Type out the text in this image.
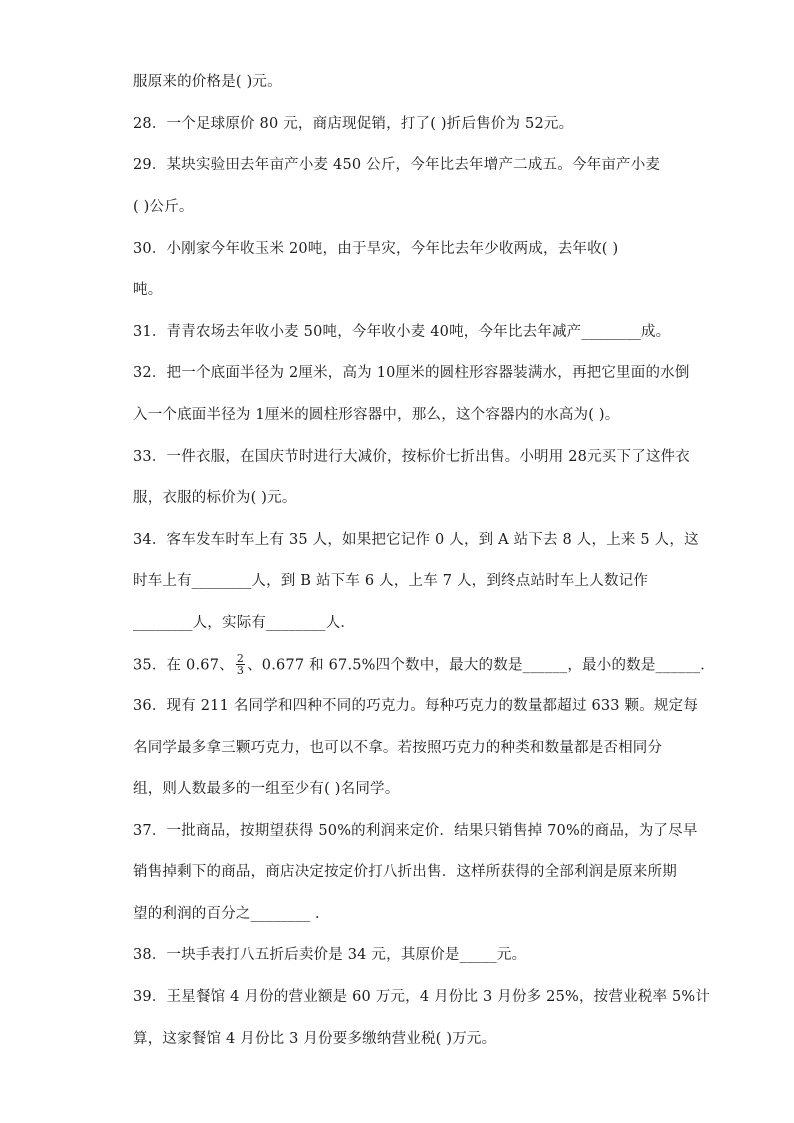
服原来的价格是( )元。
28．一个足球原价 80 元，商店现促销，打了( )折后售价为 52元。
29．某块实验田去年亩产小麦 450 公斤，今年比去年增产二成五。今年亩产小麦
( )公斤。
30．小刚家今年收玉米 20吨，由于旱灾，今年比去年少收两成，去年收( )
吨。
31．青青农场去年收小麦 50吨，今年收小麦 40吨，今年比去年减产________成。
32．把一个底面半径为 2厘米，高为 10厘米的圆柱形容器装满水，再把它里面的水倒
入一个底面半径为 1厘米的圆柱形容器中，那么，这个容器内的水高为( )。
33．一件衣服，在国庆节时进行大减价，按标价七折出售。小明用 28元买下了这件衣
服，衣服的标价为( )元。
34．客车发车时车上有 35 人，如果把它记作 0 人，到 A 站下去 8 人，上来 5 人，这
时车上有________人，到 B 站下车 6 人，上车 7 人，到终点站时车上人数记作
________人，实际有________人．
35．在 0.67、 $\frac{2}{3}$ 、0.677 和 67.5%四个数中，最大的数是______，最小的数是______．
36．现有 211 名同学和四种不同的巧克力。每种巧克力的数量都超过 633 颗。规定每
名同学最多拿三颗巧克力，也可以不拿。若按照巧克力的种类和数量都是否相同分
组，则人数最多的一组至少有( )名同学。
37．一批商品，按期望获得 50%的利润来定价．结果只销售掉 70%的商品，为了尽早
销售掉剩下的商品，商店决定按定价打八折出售．这样所获得的全部利润是原来所期
望的利润的百分之________ ．
38．一块手表打八五折后卖价是 34 元，其原价是_____元。
39．王星餐馆 4 月份的营业额是 60 万元，4 月份比 3 月份多 25%，按营业税率 5%计
算，这家餐馆 4 月份比 3 月份要多缴纳营业税( )万元。
